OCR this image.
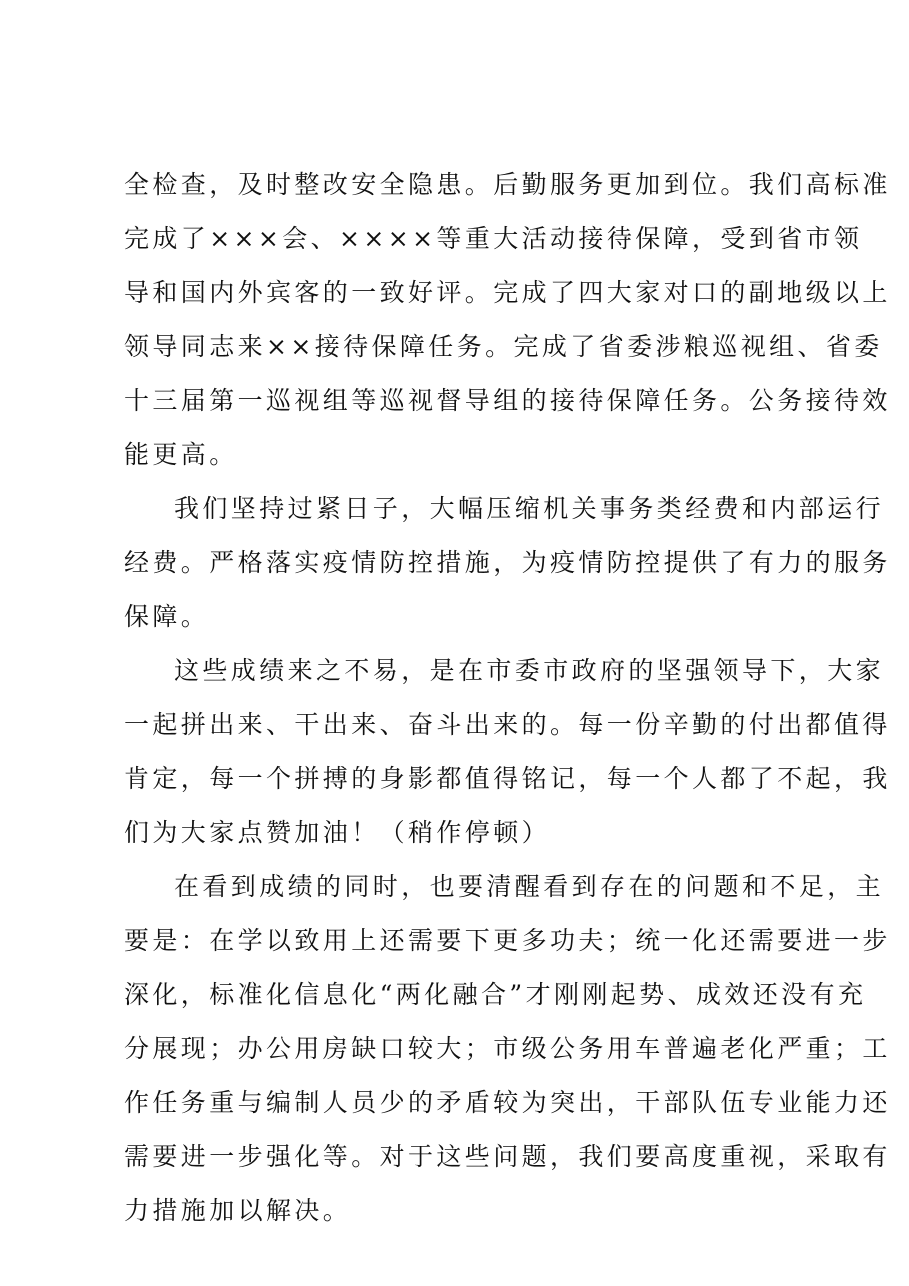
全检查，及时整改安全隐患。后勤服务更加到位。我们高标准
完成了×××会、××××等重大活动接待保障，受到省市领
导和国内外宾客的一致好评。完成了四大家对口的副地级以上
领导同志来××接待保障任务。完成了省委涉粮巡视组、省委
十三届第一巡视组等巡视督导组的接待保障任务。公务接待效
能更高。
我们坚持过紧日子，大幅压缩机关事务类经费和内部运行
经费。严格落实疫情防控措施，为疫情防控提供了有力的服务
保障。
这些成绩来之不易，是在市委市政府的坚强领导下，大家
一起拼出来、干出来、奋斗出来的。每一份辛勤的付出都值得
肯定，每一个拼搏的身影都值得铭记，每一个人都了不起，我
们为大家点赞加油！（稍作停顿）
在看到成绩的同时，也要清醒看到存在的问题和不足，主
要是：在学以致用上还需要下更多功夫；统一化还需要进一步
深化，标准化信息化“两化融合”才刚刚起势、成效还没有充
分展现；办公用房缺口较大；市级公务用车普遍老化严重；工
作任务重与编制人员少的矛盾较为突出，干部队伍专业能力还
需要进一步强化等。对于这些问题，我们要高度重视，采取有
力措施加以解决。
